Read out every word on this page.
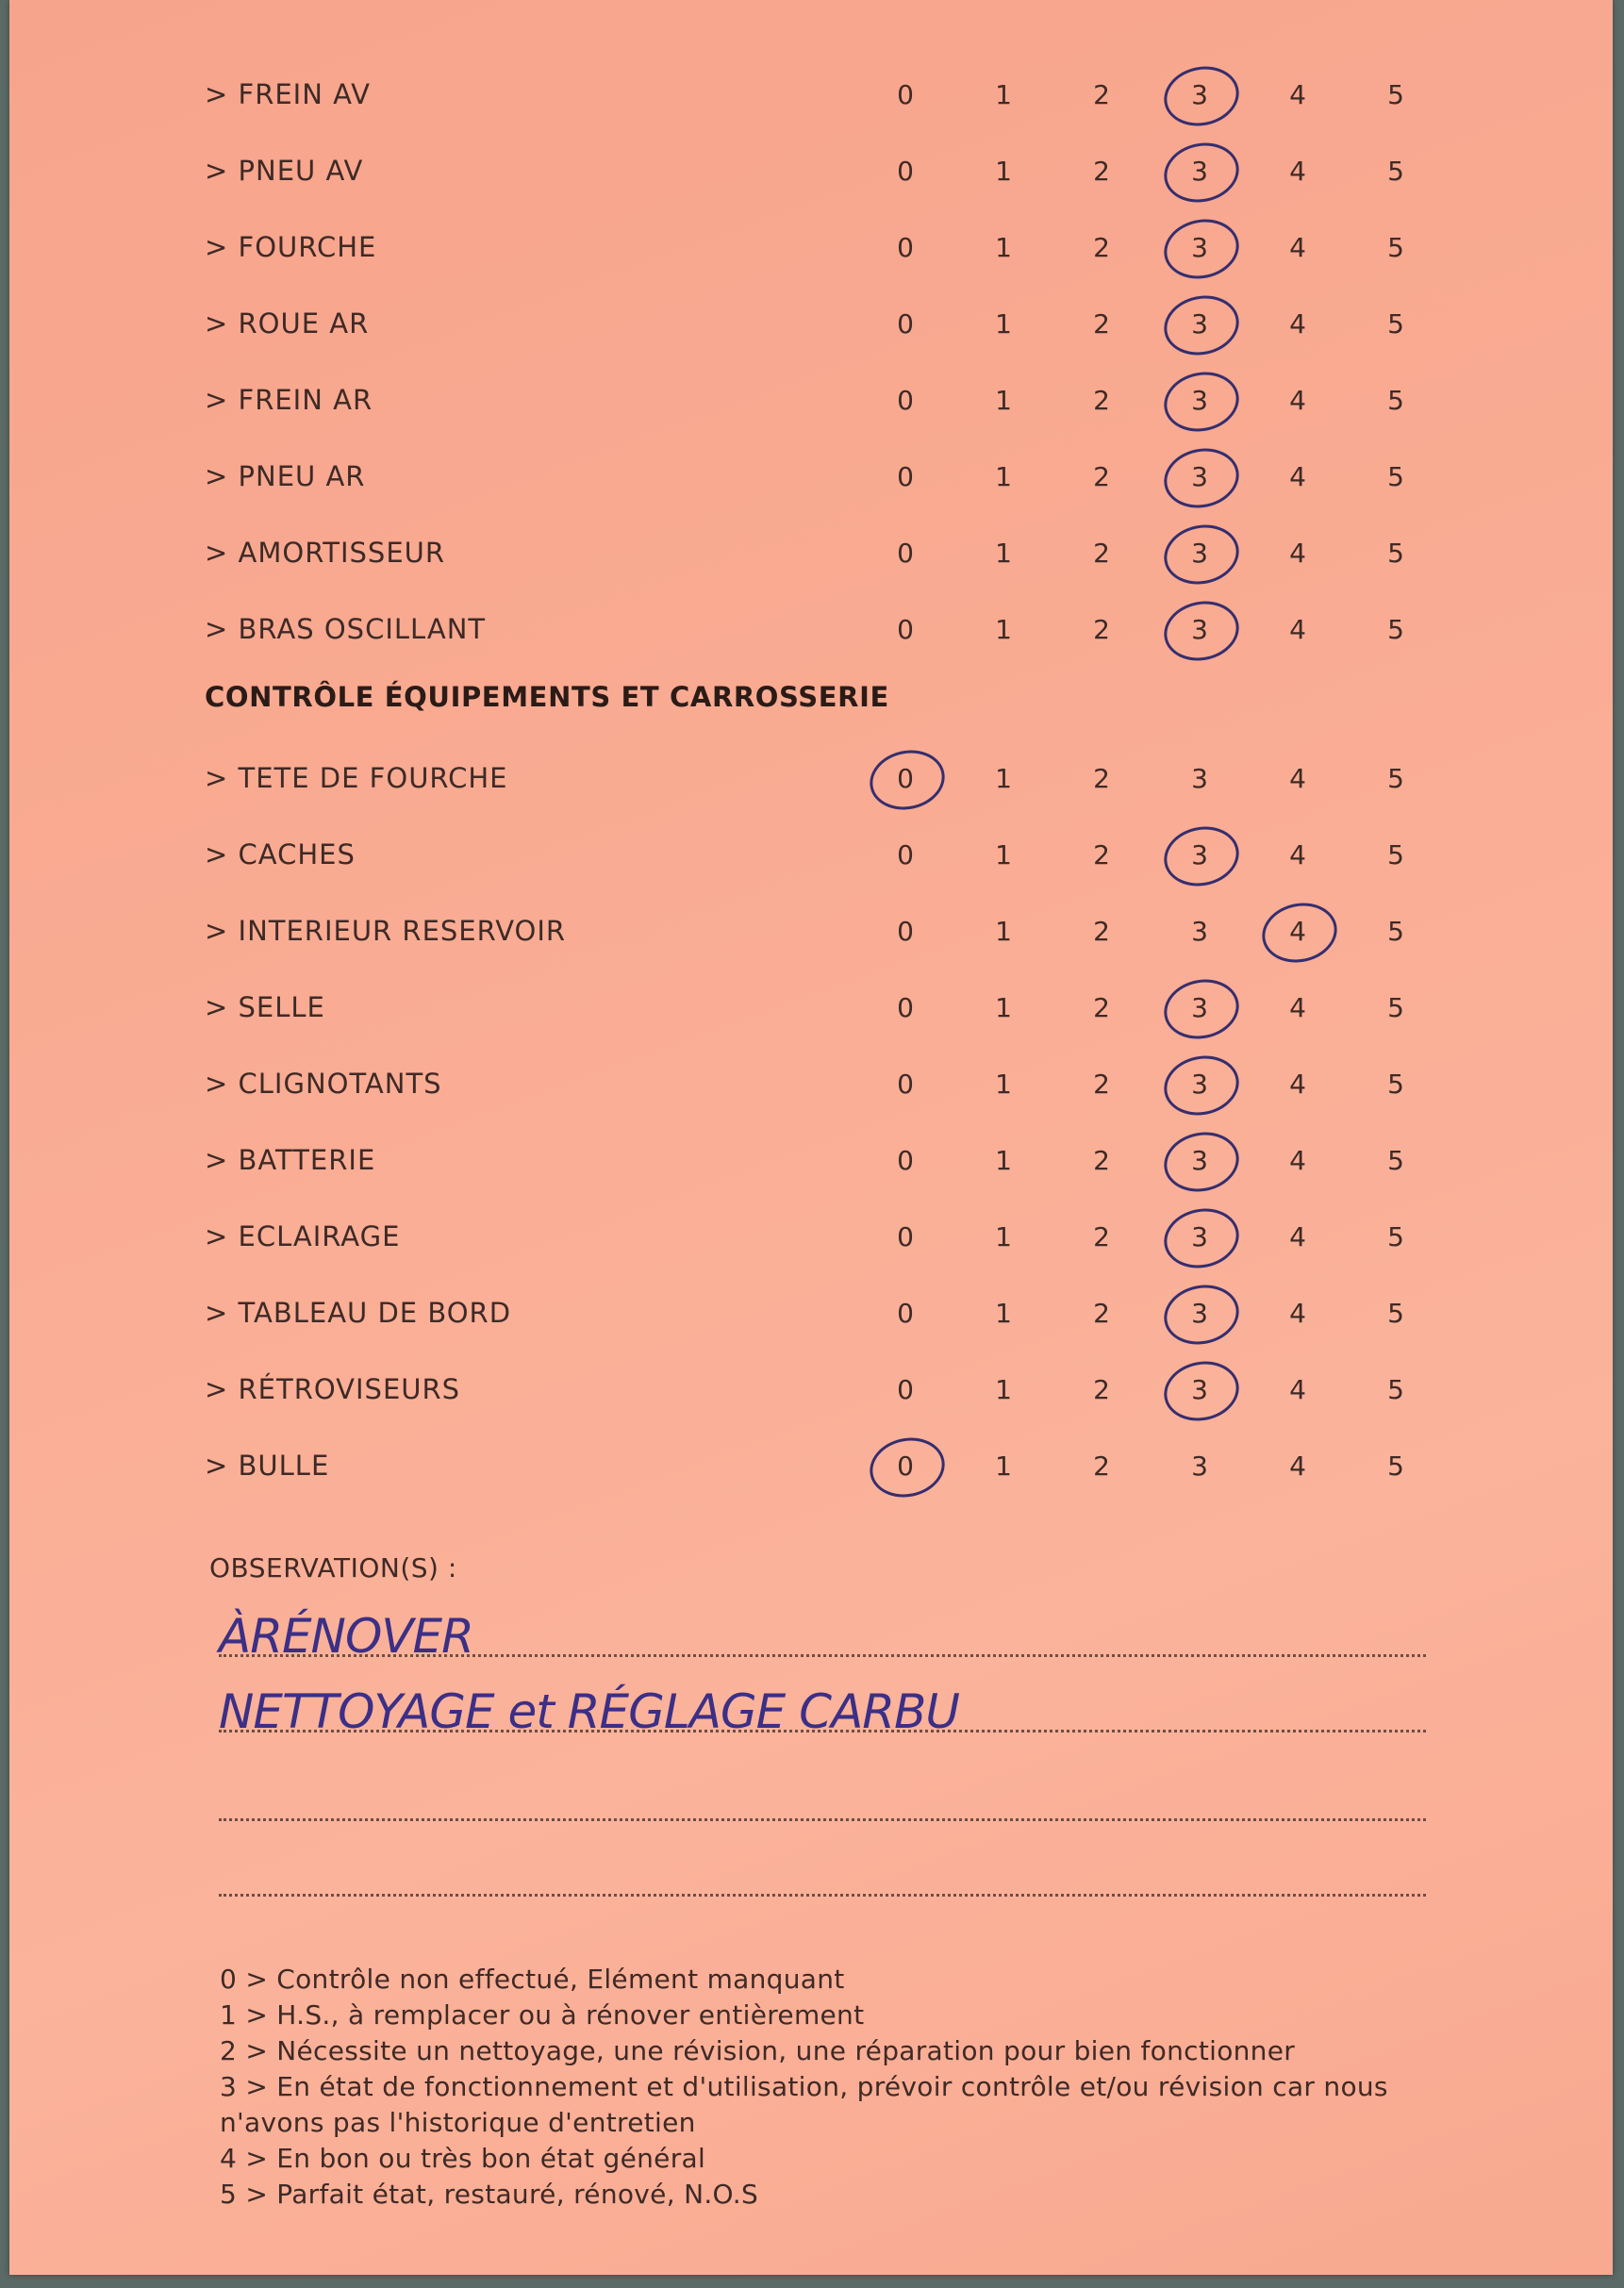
> FREIN AV	0	1	2	3	4	5
> PNEU AV	0	1	2	3	4	5
> FOURCHE	0	1	2	3	4	5
> ROUE AR	0	1	2	3	4	5
> FREIN AR	0	1	2	3	4	5
> PNEU AR	0	1	2	3	4	5
> AMORTISSEUR	0	1	2	3	4	5
> BRAS OSCILLANT	0	1	2	3	4	5
CONTRÔLE ÉQUIPEMENTS ET CARROSSERIE
> TETE DE FOURCHE	0	1	2	3	4	5
> CACHES	0	1	2	3	4	5
> INTERIEUR RESERVOIR	0	1	2	3	4	5
> SELLE	0	1	2	3	4	5
> CLIGNOTANTS	0	1	2	3	4	5
> BATTERIE	0	1	2	3	4	5
> ECLAIRAGE	0	1	2	3	4	5
> TABLEAU DE BORD	0	1	2	3	4	5
> RÉTROVISEURS	0	1	2	3	4	5
> BULLE	0	1	2	3	4	5
OBSERVATION(S) :
ÀRÉNOVER
NETTOYAGE et RÉGLAGE CARBU
0 > Contrôle non effectué, Elément manquant
1 > H.S., à remplacer ou à rénover entièrement
2 > Nécessite un nettoyage, une révision, une réparation pour bien fonctionner
3 > En état de fonctionnement et d'utilisation, prévoir contrôle et/ou révision car nous
n'avons pas l'historique d'entretien
4 > En bon ou très bon état général
5 > Parfait état, restauré, rénové, N.O.S
